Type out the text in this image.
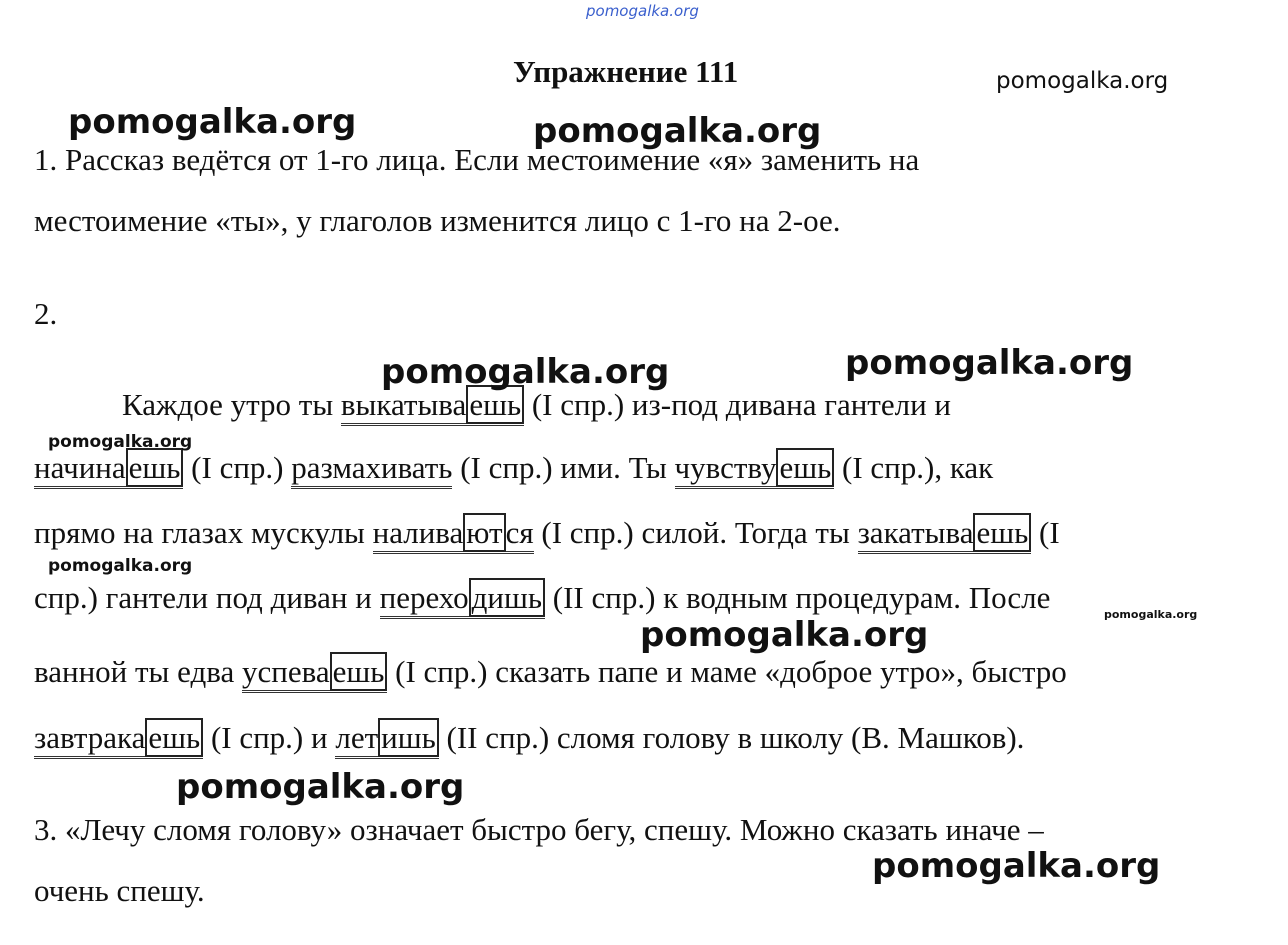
pomogalka.org
Упражнение 111
1. Рассказ ведётся от 1-го лица. Если местоимение «я» заменить на
местоимение «ты», у глаголов изменится лицо с 1-го на 2-ое.
2.
Каждое утро ты выкатываешь (I спр.) из-под дивана гантели и
начинаешь (I спр.) размахивать (I спр.) ими. Ты чувствуешь (I спр.), как
прямо на глазах мускулы наливаются (I спр.) силой. Тогда ты закатываешь (I
спр.) гантели под диван и переходишь (II спр.) к водным процедурам. После
ванной ты едва успеваешь (I спр.) сказать папе и маме «доброе утро», быстро
завтракаешь (I спр.) и летишь (II спр.) сломя голову в школу (В. Машков).
3. «Лечу сломя голову» означает быстро бегу, спешу. Можно сказать иначе –
очень спешу.
pomogalka.org
pomogalka.org	pomogalka.org
pomogalka.org
pomogalka.org
pomogalka.org
pomogalka.org
pomogalka.org
pomogalka.org
pomogalka.org
pomogalka.org
